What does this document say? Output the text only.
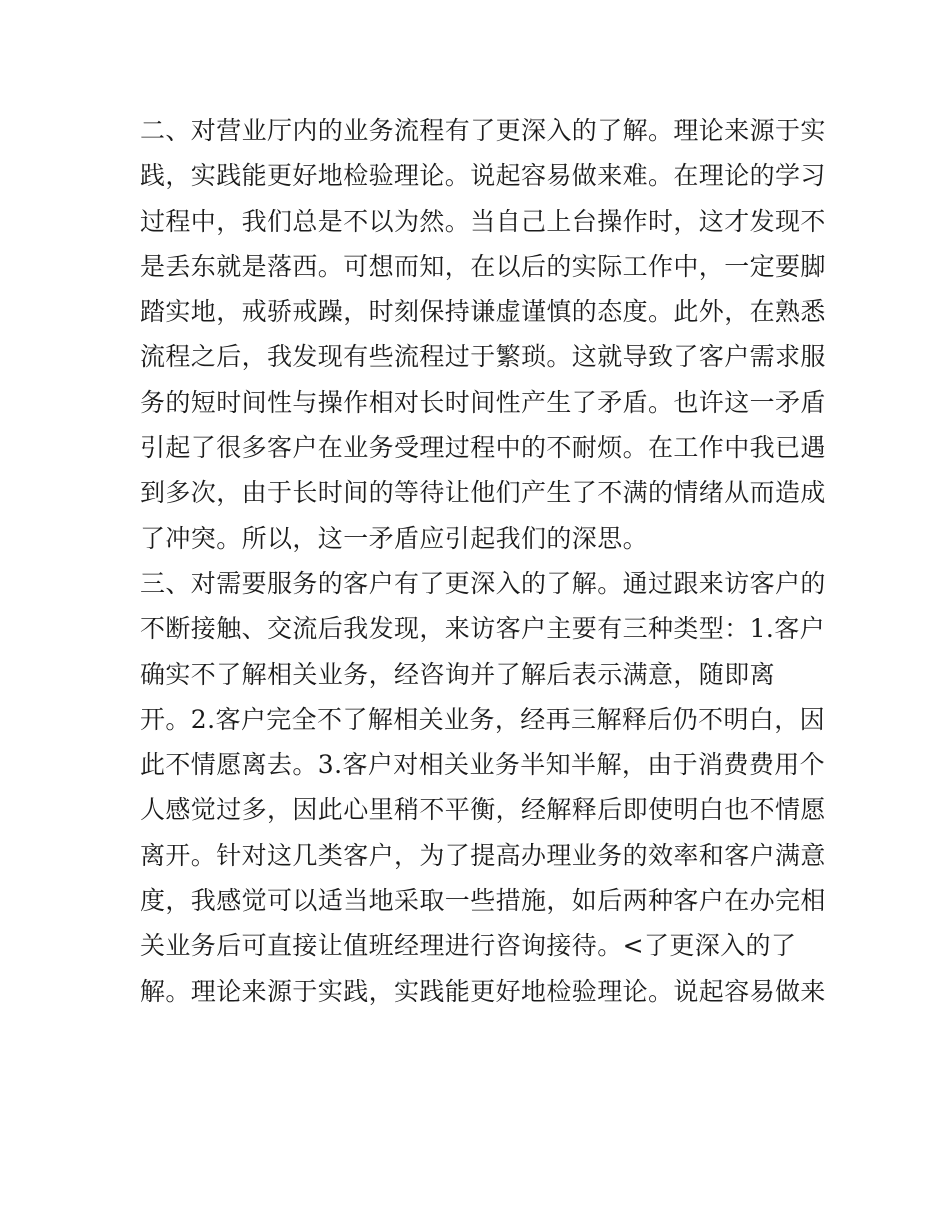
二、对营业厅内的业务流程有了更深入的了解。理论来源于实
践，实践能更好地检验理论。说起容易做来难。在理论的学习
过程中，我们总是不以为然。当自己上台操作时，这才发现不
是丢东就是落西。可想而知，在以后的实际工作中，一定要脚
踏实地，戒骄戒躁，时刻保持谦虚谨慎的态度。此外，在熟悉
流程之后，我发现有些流程过于繁琐。这就导致了客户需求服
务的短时间性与操作相对长时间性产生了矛盾。也许这一矛盾
引起了很多客户在业务受理过程中的不耐烦。在工作中我已遇
到多次，由于长时间的等待让他们产生了不满的情绪从而造成
了冲突。所以，这一矛盾应引起我们的深思。
三、对需要服务的客户有了更深入的了解。通过跟来访客户的
不断接触、交流后我发现，来访客户主要有三种类型：1.客户
确实不了解相关业务，经咨询并了解后表示满意，随即离
开。2.客户完全不了解相关业务，经再三解释后仍不明白，因
此不情愿离去。3.客户对相关业务半知半解，由于消费费用个
人感觉过多，因此心里稍不平衡，经解释后即使明白也不情愿
离开。针对这几类客户，为了提高办理业务的效率和客户满意
度，我感觉可以适当地采取一些措施，如后两种客户在办完相
关业务后可直接让值班经理进行咨询接待。<了更深入的了
解。理论来源于实践，实践能更好地检验理论。说起容易做来
